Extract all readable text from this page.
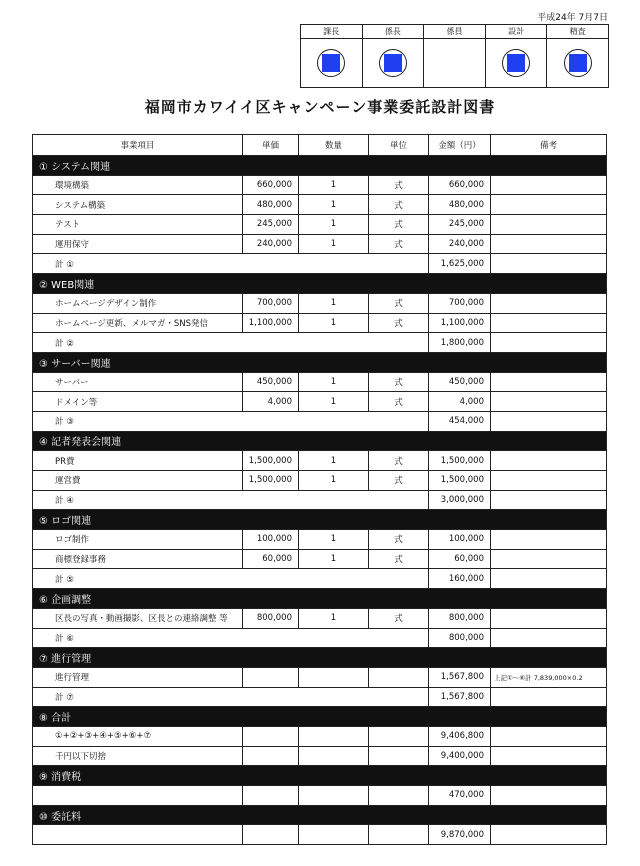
平成24年 7月7日
課長	係長	係員	設計	精査
福岡市カワイイ区キャンペーン事業委託設計図書
事業項目	単価	数量	単位	金額（円）	備考
① システム関連					
環境構築	660,000	1	式	660,000	
システム構築	480,000	1	式	480,000	
テスト	245,000	1	式	245,000	
運用保守	240,000	1	式	240,000	
計 ①				1,625,000	
② WEB関連					
ホームページデザイン制作	700,000	1	式	700,000	
ホームページ更新、メルマガ・SNS発信	1,100,000	1	式	1,100,000	
計 ②				1,800,000	
③ サーバー関連					
サーバー	450,000	1	式	450,000	
ドメイン等	4,000	1	式	4,000	
計 ③				454,000	
④ 記者発表会関連					
PR費	1,500,000	1	式	1,500,000	
運営費	1,500,000	1	式	1,500,000	
計 ④				3,000,000	
⑤ ロゴ関連					
ロゴ制作	100,000	1	式	100,000	
商標登録事務	60,000	1	式	60,000	
計 ⑤				160,000	
⑥ 企画調整					
区長の写真・動画撮影、区長との連絡調整 等	800,000	1	式	800,000	
計 ⑥				800,000	
⑦ 進行管理					
進行管理				1,567,800	上記①～⑥計 7,839,000×0.2
計 ⑦				1,567,800	
⑧ 合計					
①+②+③+④+⑤+⑥+⑦				9,406,800	
千円以下切捨				9,400,000	
⑨ 消費税					
				470,000	
⑩ 委託料					
				9,870,000	
